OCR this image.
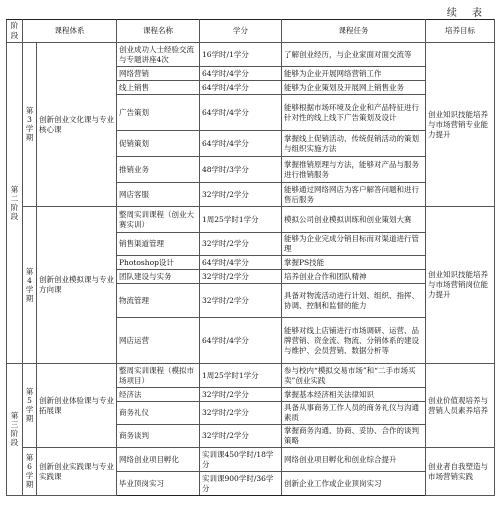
续 表
阶段	课程体系		课程名称	学分	课程任务	培养目标
第二阶段	第3学期	创新创业文化课与专业核心课	创业成功人士经验交流与专题讲座4次	16学时/1学分	了解创业经历，与企业家面对面交流等	创业知识技能培养与市场营销专业能力提升
			网络营销	64学时/4学分	能够为企业开展网络营销工作	
			线上销售	64学时/4学分	能够为企业策划及开展网上销售业务	
			广告策划	64学时/4学分	能够根据市场环境及企业和产品特征进行针对性的线上线下广告策划及设计	
			促销策划	64学时/4学分	掌握线上促销活动、传统促销活动的策划与组织实施方法	
			推销业务	48学时/3学分	掌握推销原理与方法，能够对产品与服务进行推销服务	
			网店客服	32学时/2学分	能够通过网络网店为客户解答问题和进行售后服务	
	第4学期	创新创业模拟课与专业方向课	整周实训课程（创业大赛实训）	1周25学时1学分	模拟公司创业模拟训练和创业策划大赛	创业知识技能培养与市场营销岗位能力提升
			销售渠道管理	32学时/2学分	能够为企业完成分销目标而对渠道进行管理	
			Photoshop设计	64学时/4学分	掌握PS技能	
			团队建设与实务	32学时/2学分	培养创业合作和团队精神	
			物流管理	32学时/2学分	具备对物流活动进行计划、组织、指挥、协调、控制和监督的能力	
			网店运营	64学时/4学分	能够对线上店铺进行市场调研、运营、品牌营销、资金流、物流、分销体系的建设与维护、会员营销、数据分析等	
第三阶段	第5学期	创新创业体验课与专业拓展课	整周实训课程（模拟市场项目）	1周25学时1学分	参与校内“模拟交易市场”和“二手市场买卖”创业实践	创业价值观培养与营销人员素养培养
			经济法	32学时/2学分	掌握基本经济相关法律知识	
			商务礼仪	32学时/2学分	具备从事商务工作人员的商务礼仪与沟通素质	
			商务谈判	32学时/2学分	掌握商务沟通、协商、妥协、合作的谈判策略	
	第6学期	创新创业实践课与专业实践课	网络创业项目孵化	实训课450学时/18学分	网络创业项目孵化和创业综合提升	创业者自我塑造与市场营销实践
			毕业顶岗实习	实训课900学时/36学分	创新企业工作或企业顶岗实习	
